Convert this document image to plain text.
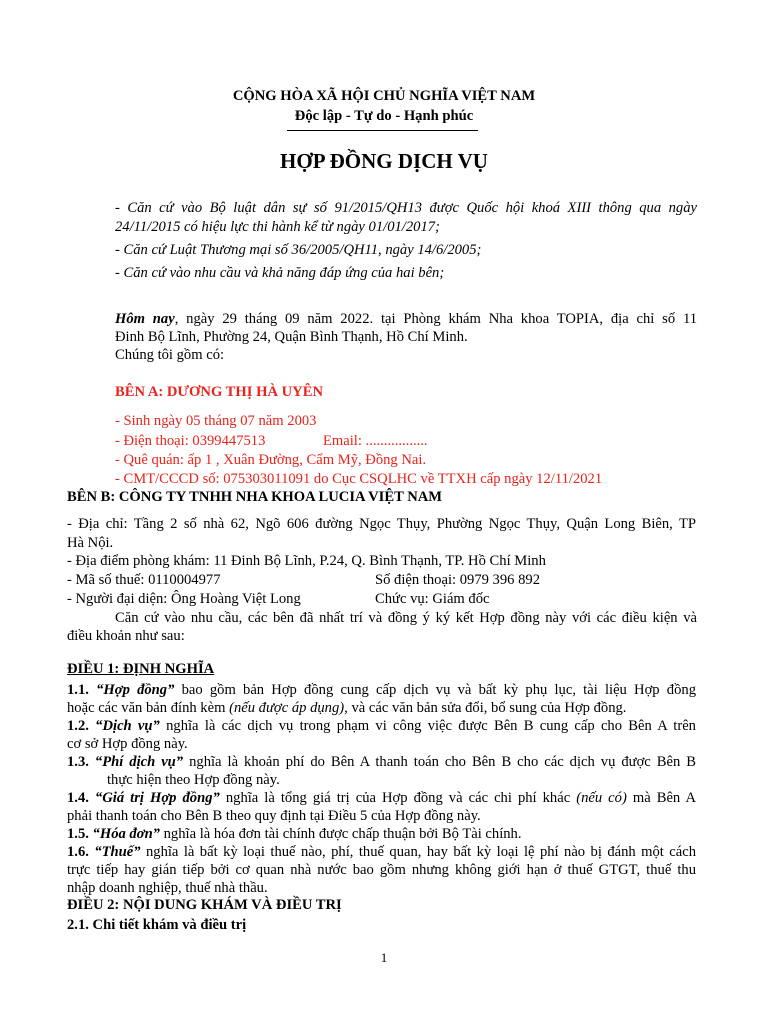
CỘNG HÒA XÃ HỘI CHỦ NGHĨA VIỆT NAM
Độc lập - Tự do - Hạnh phúc
HỢP ĐỒNG DỊCH VỤ
- Căn cứ vào Bộ luật dân sự số 91/2015/QH13 được Quốc hội khoá XIII thông qua ngày
24/11/2015 có hiệu lực thi hành kể từ ngày 01/01/2017;
- Căn cứ Luật Thương mại số 36/2005/QH11, ngày 14/6/2005;
- Căn cứ vào nhu cầu và khả năng đáp ứng của hai bên;
Hôm nay, ngày 29 tháng 09 năm 2022. tại Phòng khám Nha khoa TOPIA, địa chỉ số 11
Đinh Bộ Lĩnh, Phường 24, Quận Bình Thạnh, Hồ Chí Minh.
Chúng tôi gồm có:
BÊN A: DƯƠNG THỊ HÀ UYÊN
- Sinh ngày 05 tháng 07 năm 2003
- Điện thoại: 0399447513	Email: .................
- Quê quán: ấp 1 , Xuân Đường, Cẩm Mỹ, Đồng Nai.
- CMT/CCCD số: 075303011091 do Cục CSQLHC về TTXH cấp ngày 12/11/2021
BÊN B: CÔNG TY TNHH NHA KHOA LUCIA VIỆT NAM
- Địa chỉ: Tầng 2 số nhà 62, Ngõ 606 đường Ngọc Thụy, Phường Ngọc Thụy, Quận Long Biên, TP
Hà Nội.
- Địa điểm phòng khám: 11 Đinh Bộ Lĩnh, P.24, Q. Bình Thạnh, TP. Hồ Chí Minh
- Mã số thuế: 0110004977	Số điện thoại: 0979 396 892
- Người đại diện: Ông Hoàng Việt Long	Chức vụ: Giám đốc
Căn cứ vào nhu cầu, các bên đã nhất trí và đồng ý ký kết Hợp đồng này với các điều kiện và
điều khoản như sau:
ĐIỀU 1: ĐỊNH NGHĨA
1.1. “Hợp đồng” bao gồm bản Hợp đồng cung cấp dịch vụ và bất kỳ phụ lục, tài liệu Hợp đồng
hoặc các văn bản đính kèm (nếu được áp dụng), và các văn bản sửa đổi, bổ sung của Hợp đồng.
1.2. “Dịch vụ” nghĩa là các dịch vụ trong phạm vi công việc được Bên B cung cấp cho Bên A trên
cơ sở Hợp đồng này.
1.3. “Phí dịch vụ” nghĩa là khoản phí do Bên A thanh toán cho Bên B cho các dịch vụ được Bên B
thực hiện theo Hợp đồng này.
1.4. “Giá trị Hợp đồng” nghĩa là tổng giá trị của Hợp đồng và các chi phí khác (nếu có) mà Bên A
phải thanh toán cho Bên B theo quy định tại Điều 5 của Hợp đồng này.
1.5. “Hóa đơn” nghĩa là hóa đơn tài chính được chấp thuận bởi Bộ Tài chính.
1.6. “Thuế” nghĩa là bất kỳ loại thuế nào, phí, thuế quan, hay bất kỳ loại lệ phí nào bị đánh một cách
trực tiếp hay gián tiếp bởi cơ quan nhà nước bao gồm nhưng không giới hạn ở thuế GTGT, thuế thu
nhập doanh nghiệp, thuế nhà thầu.
ĐIỀU 2: NỘI DUNG KHÁM VÀ ĐIỀU TRỊ
2.1. Chi tiết khám và điều trị
1
